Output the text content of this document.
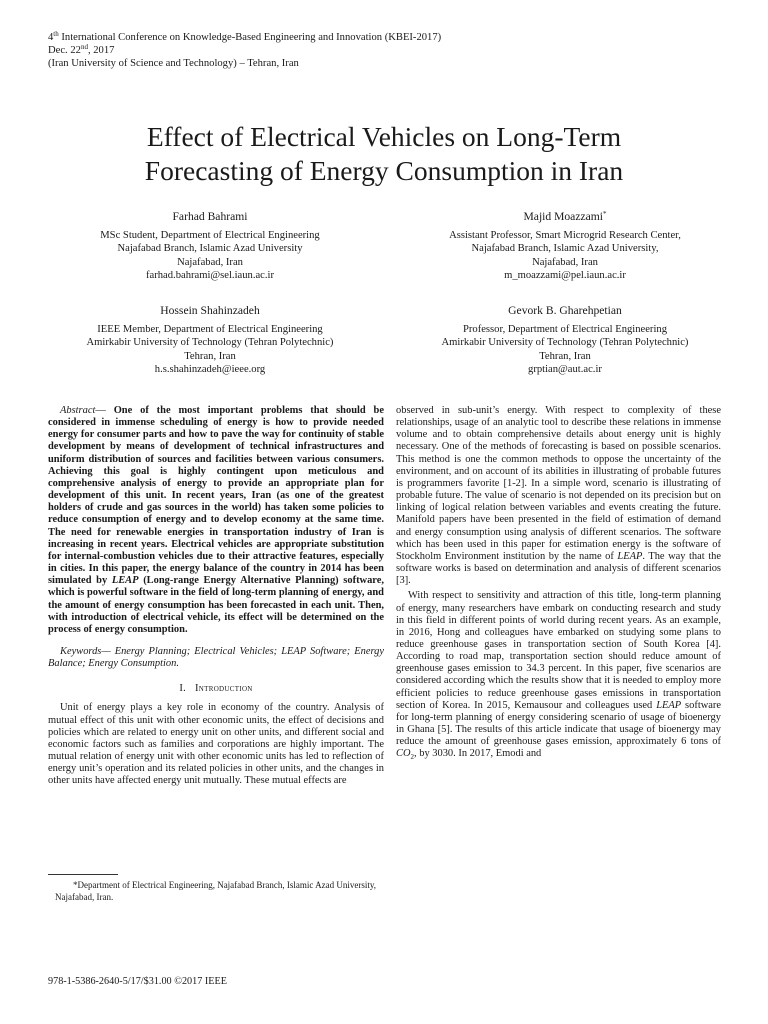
4th International Conference on Knowledge-Based Engineering and Innovation (KBEI-2017)
Dec. 22nd, 2017
(Iran University of Science and Technology) – Tehran, Iran
Effect of Electrical Vehicles on Long-Term
Forecasting of Energy Consumption in Iran
Farhad Bahrami
MSc Student, Department of Electrical Engineering
Najafabad Branch, Islamic Azad University
Najafabad, Iran
farhad.bahrami@sel.iaun.ac.ir
Majid Moazzami*
Assistant Professor, Smart Microgrid Research Center,
Najafabad Branch, Islamic Azad University,
Najafabad, Iran
m_moazzami@pel.iaun.ac.ir
Hossein Shahinzadeh
IEEE Member, Department of Electrical Engineering
Amirkabir University of Technology (Tehran Polytechnic)
Tehran, Iran
h.s.shahinzadeh@ieee.org
Gevork B. Gharehpetian
Professor, Department of Electrical Engineering
Amirkabir University of Technology (Tehran Polytechnic)
Tehran, Iran
grptian@aut.ac.ir

Abstract— One of the most important problems that should be considered in immense scheduling of energy is how to provide needed energy for consumer parts and how to pave the way for continuity of stable development by means of development of technical infrastructures and uniform distribution of sources and facilities between various consumers. Achieving this goal is highly contingent upon meticulous and comprehensive analysis of energy to provide an appropriate plan for development of this unit. In recent years, Iran (as one of the greatest holders of crude and gas sources in the world) has taken some policies to reduce consumption of energy and to develop economy at the same time. The need for renewable energies in transportation industry of Iran is increasing in recent years. Electrical vehicles are appropriate substitution for internal-combustion vehicles due to their attractive features, especially in cities. In this paper, the energy balance of the country in 2014 has been simulated by LEAP (Long-range Energy Alternative Planning) software, which is powerful software in the field of long-term planning of energy, and the amount of energy consumption has been forecasted in each unit. Then, with introduction of electrical vehicle, its effect will be determined on the process of energy consumption.

Keywords— Energy Planning; Electrical Vehicles; LEAP Software; Energy Balance; Energy Consumption.

I. Introduction

Unit of energy plays a key role in economy of the country. Analysis of mutual effect of this unit with other economic units, the effect of decisions and policies which are related to energy unit on other units, and different social and economic factors such as families and corporations are highly important. The mutual relation of energy unit with other economic units has led to reflection of energy unit’s operation and its related policies in other units, and the changes in other units have affected energy unit mutually. These mutual effects are

*Department of Electrical Engineering, Najafabad Branch, Islamic Azad University, Najafabad, Iran.

observed in sub-unit’s energy. With respect to complexity of these relationships, usage of an analytic tool to describe these relations in immense volume and to obtain comprehensive details about energy unit is highly necessary. One of the methods of forecasting is based on possible scenarios. This method is one the common methods to oppose the uncertainty of the environment, and on account of its abilities in illustrating of probable futures is programmers favorite [1-2]. In a simple word, scenario is illustrating of probable future. The value of scenario is not depended on its precision but on linking of logical relation between variables and events creating the future. Manifold papers have been presented in the field of estimation of demand and energy consumption using analysis of different scenarios. The software which has been used in this paper for estimation energy is the software of Stockholm Environment institution by the name of LEAP. The way that the software works is based on determination and analysis of different scenarios [3].

With respect to sensitivity and attraction of this title, long-term planning of energy, many researchers have embark on conducting research and study in this field in different points of world during recent years. As an example, in 2016, Hong and colleagues have embarked on studying some plans to reduce greenhouse gases in transportation section of South Korea [4]. According to road map, transportation section should reduce amount of greenhouse gases emission to 34.3 percent. In this paper, five scenarios are considered according which the results show that it is needed to employ more efficient policies to reduce greenhouse gases emissions in transportation section of Korea. In 2015, Kemausour and colleagues used LEAP software for long-term planning of energy considering scenario of usage of bioenergy in Ghana [5]. The results of this article indicate that usage of bioenergy may reduce the amount of greenhouse gases emission, approximately 6 tons of $CO_2$, by 3030. In 2017, Emodi and

978-1-5386-2640-5/17/$31.00 ©2017 IEEE
